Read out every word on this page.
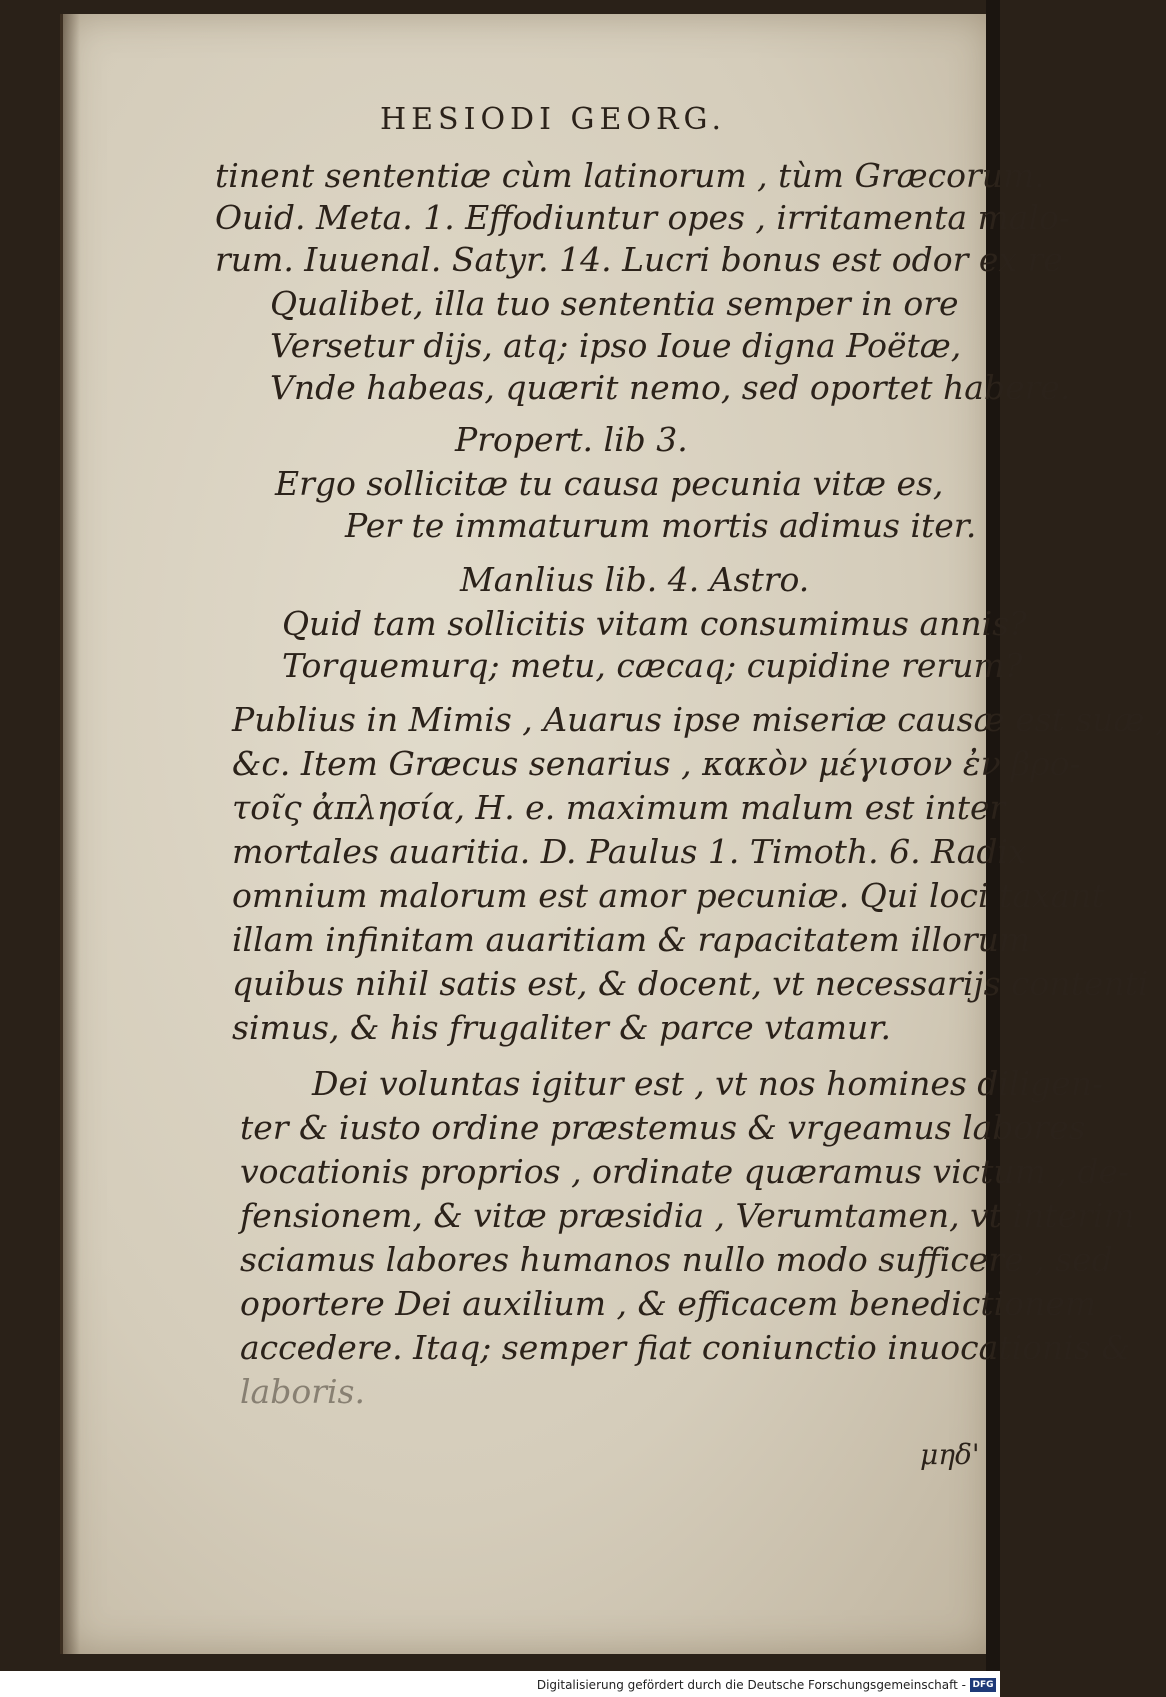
HESIODI GEORG.
tinent sententiæ cùm latinorum , tùm Græcorum.
Ouid. Meta. 1. Effodiuntur opes , irritamenta malo-
rum. Iuuenal. Satyr. 14. Lucri bonus est odor ex re
Qualibet, illa tuo sententia semper in ore
Versetur dijs, atq; ipso Ioue digna Poëtæ,
Vnde habeas, quærit nemo, sed oportet habere.
Propert. lib 3.
Ergo sollicitæ tu causa pecunia vitæ es,
Per te immaturum mortis adimus iter.
Manlius lib. 4. Astro.
Quid tam sollicitis vitam consumimus annis?
Torquemurq; metu, cæcaq; cupidine rerum?
Publius in Mimis , Auarus ipse miseriæ causæ est suæ ,
&c. Item Græcus senarius , κακὸν μέγισον ἐν βρο-
τοῖς ἀπλησία, H. e. maximum malum est inter
mortales auaritia. D. Paulus 1. Timoth. 6. Radix
omnium malorum est amor pecuniæ. Qui loci taxant
illam infinitam auaritiam & rapacitatem illorum
quibus nihil satis est, & docent, vt necessarijs contenti
simus, & his frugaliter & parce vtamur.
Dei voluntas igitur est , vt nos homines diligen-
ter & iusto ordine præstemus & vrgeamus labores
vocationis proprios , ordinate quæramus victum , de-
fensionem, & vitæ præsidia , Verumtamen, vt interim
sciamus labores humanos nullo modo sufficere , sed
oportere Dei auxilium , & efficacem benedictionem
accedere. Itaq; semper fiat coniunctio inuocationis &
laboris.
μηδ'
Digitalisierung gefördert durch die Deutsche Forschungsgemeinschaft - DFG
